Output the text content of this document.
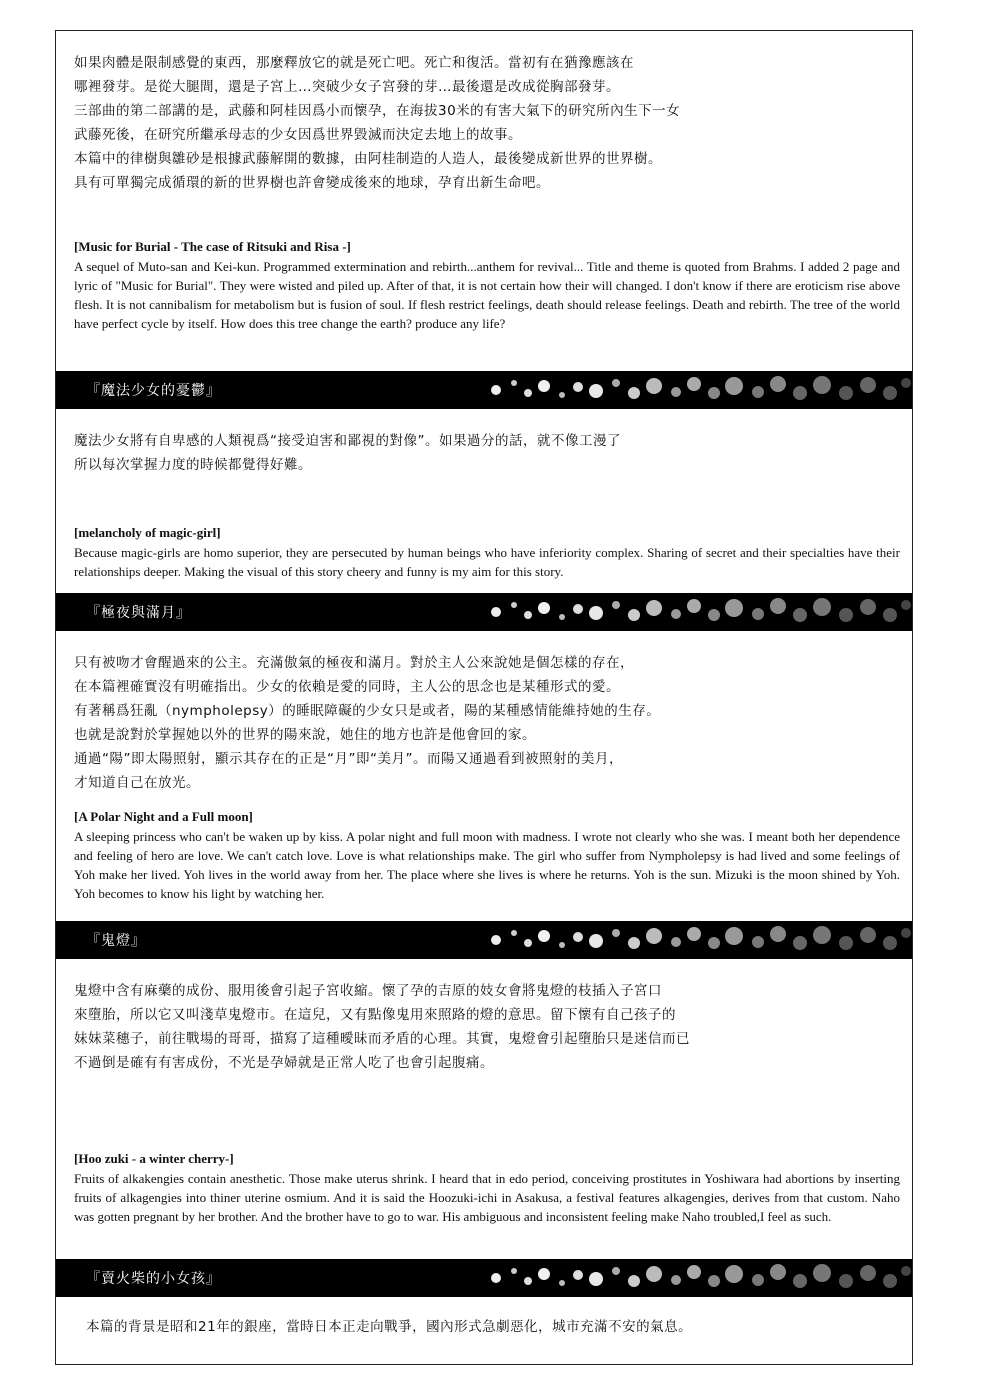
如果肉體是限制感覺的東西，那麼釋放它的就是死亡吧。死亡和復活。當初有在猶豫應該在

哪裡發芽。是從大腿間，還是子宮上…突破少女子宮發的芽…最後還是改成從胸部發芽。

三部曲的第二部講的是，武藤和阿桂因爲小而懷孕，在海拔30米的有害大氣下的研究所內生下一女

武藤死後，在研究所繼承母志的少女因爲世界毀滅而決定去地上的故事。

本篇中的律樹與雛砂是根據武藤解開的數據，由阿桂制造的人造人，最後變成新世界的世界樹。

具有可單獨完成循環的新的世界樹也許會變成後來的地球，孕育出新生命吧。

[Music for Burial - The case of Ritsuki and Risa -]

A sequel of Muto-san and Kei-kun. Programmed extermination and rebirth...anthem for revival... Title and theme is quoted from Brahms. I added 2 page and lyric of "Music for Burial". They were wisted and piled up. After of that, it is not certain how their will changed. I don't know if there are eroticism rise above flesh. It is not cannibalism for metabolism but is fusion of soul. If flesh restrict feelings, death should release feelings. Death and rebirth. The tree of the world have perfect cycle by itself. How does this tree change the earth? produce any life?

『魔法少女的憂鬱』

魔法少女將有自卑感的人類視爲“接受迫害和鄙視的對像”。如果過分的話，就不像工漫了

所以每次掌握力度的時候都覺得好難。

[melancholy of magic-girl]

Because magic-girls are homo superior, they are persecuted by human beings who have inferiority complex. Sharing of secret and their specialties have their relationships deeper. Making the visual of this story cheery and funny is my aim for this story.

『極夜與滿月』

只有被吻才會醒過來的公主。充滿傲氣的極夜和滿月。對於主人公來說她是個怎樣的存在，

在本篇裡確實沒有明確指出。少女的依賴是愛的同時，主人公的思念也是某種形式的愛。

有著稱爲狂亂（nympholepsy）的睡眠障礙的少女只是或者，陽的某種感情能維持她的生存。

也就是說對於掌握她以外的世界的陽來說，她住的地方也許是他會回的家。

通過“陽”即太陽照射，顯示其存在的正是“月”即“美月”。而陽又通過看到被照射的美月，

才知道自己在放光。

[A Polar Night and a Full moon]

A sleeping princess who can't be waken up by kiss. A polar night and full moon with madness. I wrote not clearly who she was. I meant both her dependence and feeling of hero are love. We can't catch love. Love is what relationships make. The girl who suffer from Nympholepsy is had lived and some feelings of Yoh make her lived. Yoh lives in the world away from her. The place where she lives is where he returns. Yoh is the sun. Mizuki is the moon shined by Yoh. Yoh becomes to know his light by watching her.

『鬼燈』

鬼燈中含有麻藥的成份、服用後會引起子宮收縮。懷了孕的吉原的妓女會將鬼燈的枝插入子宮口

來墮胎，所以它又叫淺草鬼燈市。在這兒，又有點像鬼用來照路的燈的意思。留下懷有自己孩子的

妹妹菜穗子，前往戰場的哥哥，描寫了這種曖昧而矛盾的心理。其實，鬼燈會引起墮胎只是迷信而已

不過倒是確有有害成份，不光是孕婦就是正常人吃了也會引起腹痛。

[Hoo zuki - a winter cherry-]

Fruits of alkakengies contain anesthetic. Those make uterus shrink. I heard that in edo period, conceiving prostitutes in Yoshiwara had abortions by inserting fruits of alkagengies into thiner uterine osmium. And it is said the Hoozuki-ichi in Asakusa, a festival features alkagengies, derives from that custom. Naho was gotten pregnant by her brother. And the brother have to go to war. His ambiguous and inconsistent feeling make Naho troubled,I feel as such.

『賣火柴的小女孩』

本篇的背景是昭和21年的銀座，當時日本正走向戰爭，國內形式急劇惡化，城市充滿不安的氣息。
